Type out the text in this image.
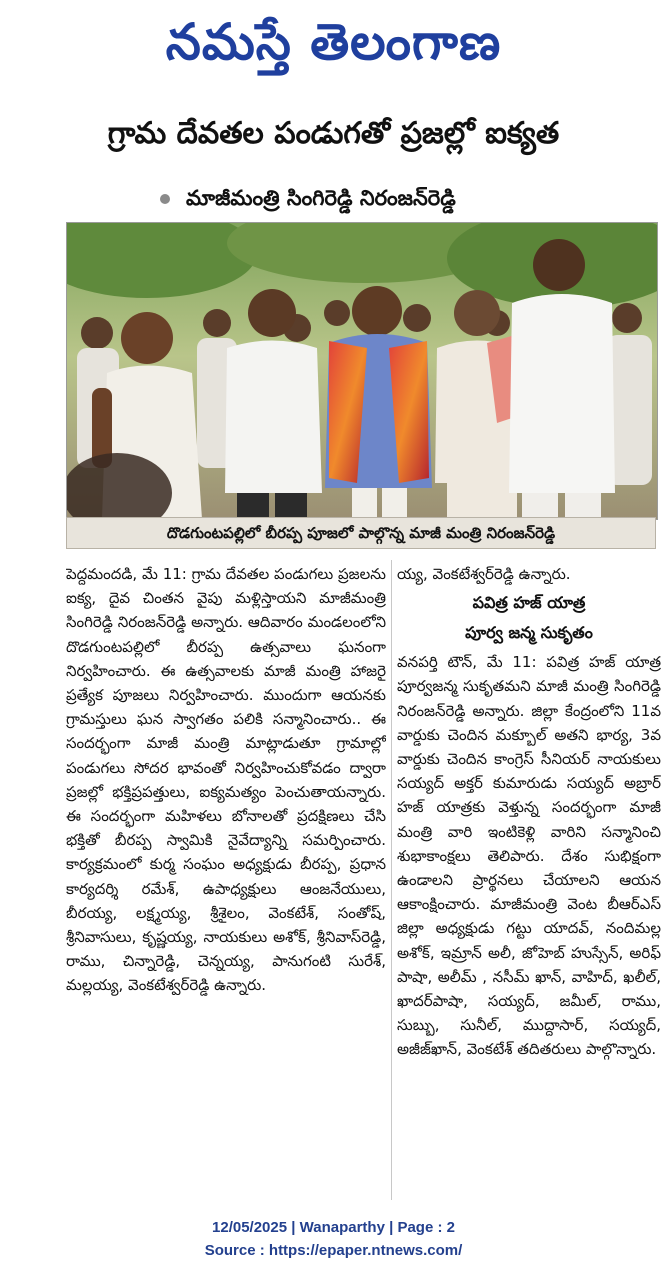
నమస్తే తెలంగాణ
గ్రామ దేవతల పండుగతో ప్రజల్లో ఐక్యత
మాజీమంత్రి సింగిరెడ్డి నిరంజన్‌రెడ్డి
దొడగుంటపల్లిలో బీరప్ప పూజలో పాల్గొన్న మాజీ మంత్రి నిరంజన్‌రెడ్డి

పెద్దమందడి, మే 11: గ్రామ దేవతల పండుగలు ప్రజలను ఐక్య, దైవ చింతన వైపు మళ్లిస్తాయని మాజీమంత్రి సింగిరెడ్డి నిరంజన్‌రెడ్డి అన్నారు. ఆదివారం మండలంలోని దొడగుంటపల్లిలో బీరప్ప ఉత్సవాలు ఘనంగా నిర్వహించారు. ఈ ఉత్సవాలకు మాజీ మంత్రి హాజరై ప్రత్యేక పూజలు నిర్వహించారు. ముందుగా ఆయనకు గ్రామస్తులు ఘన స్వాగతం పలికి సన్మానించారు.. ఈ సందర్భంగా మాజీ మంత్రి మాట్లాడుతూ గ్రామాల్లో పండుగలు సోదర భావంతో నిర్వహించుకోవడం ద్వారా ప్రజల్లో భక్తిప్రపత్తులు, ఐక్యమత్యం పెంచుతాయన్నారు. ఈ సందర్భంగా మహిళలు బోనాలతో ప్రదక్షిణలు చేసి భక్తితో బీరప్ప స్వామికి నైవేద్యాన్ని సమర్పించారు. కార్యక్రమంలో కుర్మ సంఘం అధ్యక్షుడు బీరప్ప, ప్రధాన కార్యదర్శి రమేశ్, ఉపాధ్యక్షులు ఆంజనేయులు, బీరయ్య, లక్ష్మయ్య, శ్రీశైలం, వెంకటేశ్, సంతోష్, శ్రీనివాసులు, కృష్ణయ్య, నాయకులు అశోక్, శ్రీనివాస్‌రెడ్డి, రాము, చిన్నారెడ్డి, చెన్నయ్య, పానుగంటి సురేశ్, మల్లయ్య, వెంకటేశ్వర్‌రెడ్డి ఉన్నారు.

య్య, వెంకటేశ్వర్‌రెడ్డి ఉన్నారు.

పవిత్ర హజ్ యాత్ర

పూర్వ జన్మ సుకృతం

వనపర్తి టౌన్, మే 11: పవిత్ర హజ్ యాత్ర పూర్వజన్మ సుకృతమని మాజీ మంత్రి సింగిరెడ్డి నిరంజన్‌రెడ్డి అన్నారు. జిల్లా కేంద్రంలోని 11వ వార్డుకు చెందిన మక్బూల్ అతని భార్య, 3వ వార్డుకు చెందిన కాంగ్రెస్ సీనియర్ నాయకులు సయ్యద్ అక్తర్ కుమారుడు సయ్యద్ అబ్రార్ హజ్ యాత్రకు వెళ్తున్న సందర్భంగా మాజీ మంత్రి వారి ఇంటికెళ్లి వారిని సన్మానించి శుభాకాంక్షలు తెలిపారు. దేశం సుభిక్షంగా ఉండాలని ప్రార్థనలు చేయాలని ఆయన ఆకాంక్షించారు. మాజీమంత్రి వెంట బీఆర్‌ఎస్ జిల్లా అధ్యక్షుడు గట్టు యాదవ్, నందిమల్ల అశోక్, ఇమ్రాన్ అలీ, జోహెబ్ హుస్సేన్, అరిఫ్ పాషా, అలీమ్ , నసీమ్ ఖాన్, వాహిద్, ఖలీల్, ఖాదర్‌పాషా, సయ్యద్, జమీల్, రాము, సుబ్బు, సునీల్, ముద్దాసార్, సయ్యద్, అజీజ్‌ఖాన్, వెంకటేశ్ తదితరులు పాల్గొన్నారు.

12/05/2025 | Wanaparthy | Page : 2
Source : https://epaper.ntnews.com/
